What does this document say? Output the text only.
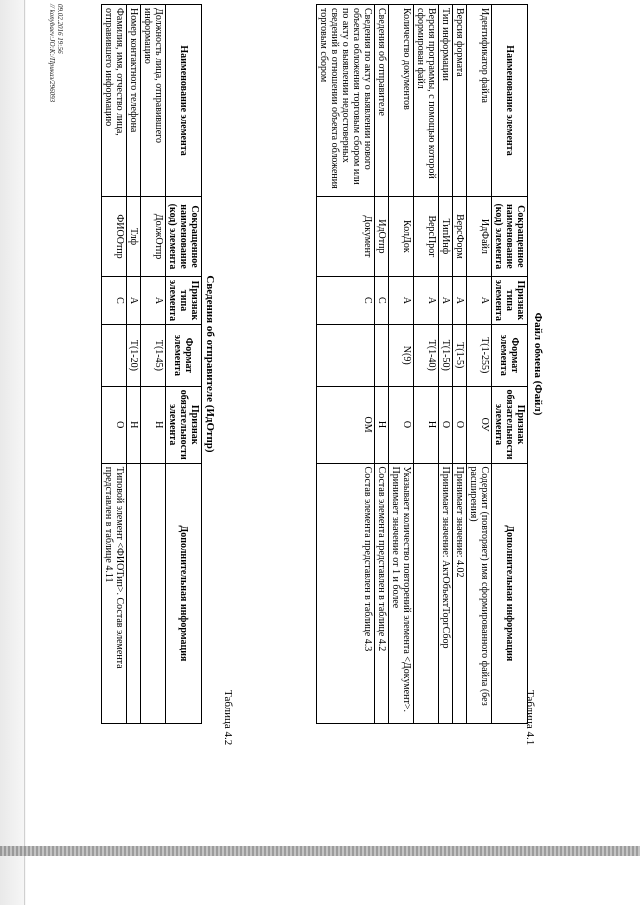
Таблица 4.1
Файл обмена (Файл)
Наименование элемента	Сокращенное наименование (код) элемента	Признак типа элемента	Формат элемента	Признак обязательности элемента	Дополнительная информация
Идентификатор файла	ИдФайл	А	Т(1-255)	ОУ	Содержит (повторяет) имя сформированного файла (без расширения)
Версия формата	ВерсФорм	А	Т(1-5)	О	Принимает значение: 4.02
Тип информации	ТипИнф	А	Т(1-50)	О	Принимает значение: АктОбъектТоргСбор
Версия программы, с помощью которой сформирован файл	ВерсПрог	А	Т(1-40)	Н	
Количество документов	КолДок	А	N(9)	О	Указывает количество повторений элемента <Документ>. Принимает значение от 1 и более
Сведения об отправителе	ИдОтпр	С		Н	Состав элемента представлен в таблице 4.2
Сведения по акту о выявлении нового объекта обложения торговым сбором или по акту о выявлении недостоверных сведений в отношении объекта обложения торговым сбором	Документ	С		ОМ	Состав элемента представлен в таблице 4.3
Таблица 4.2
Сведения об отправителе (ИдОтпр)
Наименование элемента	Сокращенное наименование (код) элемента	Признак типа элемента	Формат элемента	Признак обязательности элемента	Дополнительная информация
Должность лица, отправившего информацию	ДолжОтпр	А	Т(1-45)	Н	
Номер контактного телефона	Тлф	А	Т(1-20)	Н	
Фамилия, имя, отчество лица, отправившего информацию	ФИООтпр	С		О	Типовой элемент <ФИОТип>. Состав элемента представлен в таблице 4.11
09.02.2016 19:56
// konybaev:JO:K:/Приказ/296093
